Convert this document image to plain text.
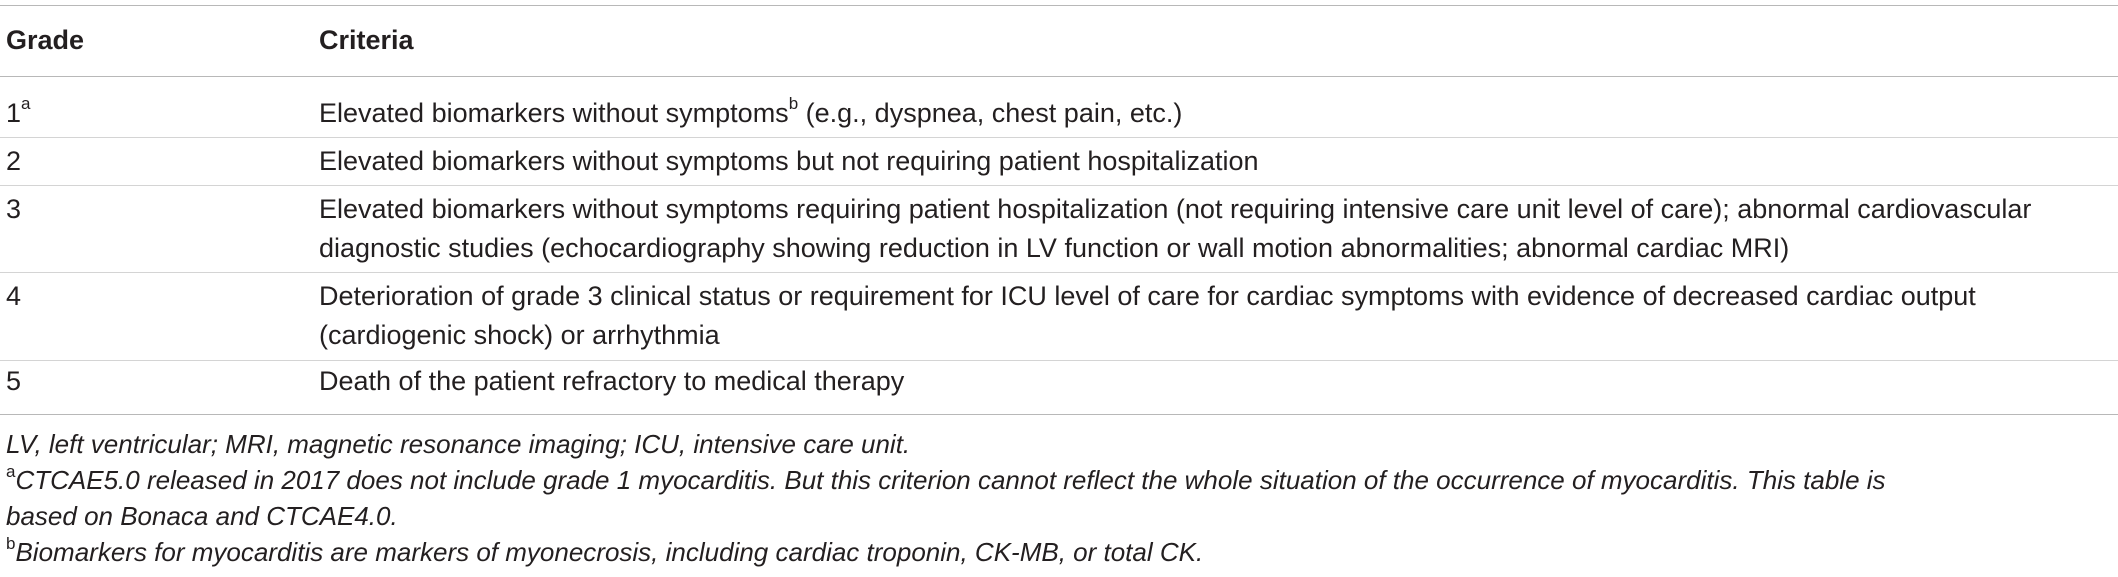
Grade	Criteria
1$^a$	Elevated biomarkers without symptoms$^b$ (e.g., dyspnea, chest pain, etc.)
2	Elevated biomarkers without symptoms but not requiring patient hospitalization
3	Elevated biomarkers without symptoms requiring patient hospitalization (not requiring intensive care unit level of care); abnormal cardiovascular
diagnostic studies (echocardiography showing reduction in LV function or wall motion abnormalities; abnormal cardiac MRI)
4	Deterioration of grade 3 clinical status or requirement for ICU level of care for cardiac symptoms with evidence of decreased cardiac output
(cardiogenic shock) or arrhythmia
5	Death of the patient refractory to medical therapy
LV, left ventricular; MRI, magnetic resonance imaging; ICU, intensive care unit.
$^a$CTCAE5.0 released in 2017 does not include grade 1 myocarditis. But this criterion cannot reflect the whole situation of the occurrence of myocarditis. This table is
based on Bonaca and CTCAE4.0.
$^b$Biomarkers for myocarditis are markers of myonecrosis, including cardiac troponin, CK-MB, or total CK.
